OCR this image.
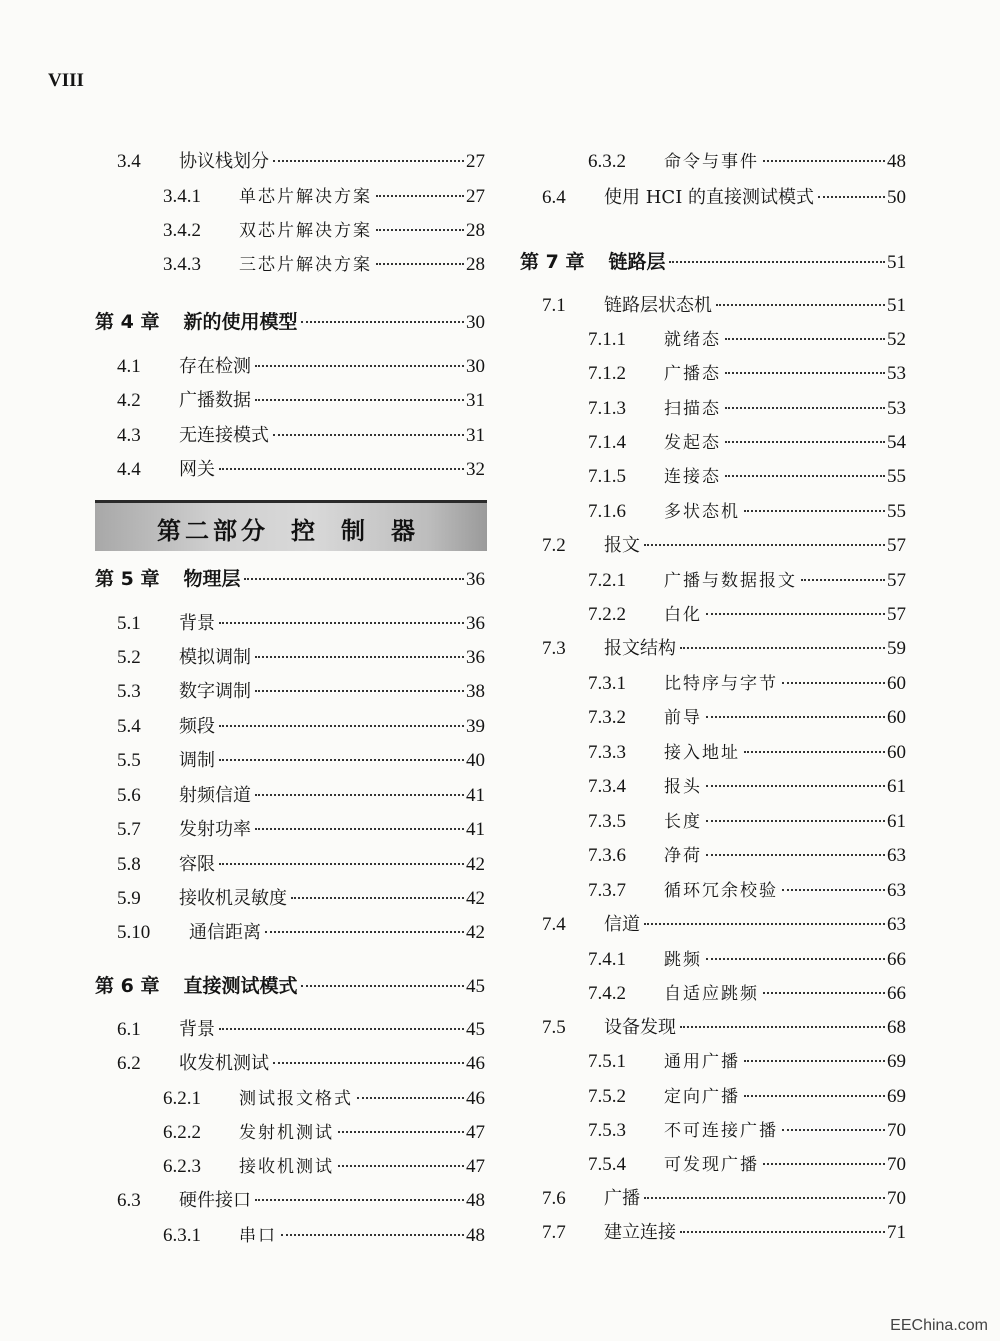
VIII
3.4	协议栈划分	27
3.4.1	单芯片解决方案	27
3.4.2	双芯片解决方案	28
3.4.3	三芯片解决方案	28
第 4 章	新的使用模型	30
4.1	存在检测	30
4.2	广播数据	31
4.3	无连接模式	31
4.4	网关	32
第 5 章	物理层	36
5.1	背景	36
5.2	模拟调制	36
5.3	数字调制	38
5.4	频段	39
5.5	调制	40
5.6	射频信道	41
5.7	发射功率	41
5.8	容限	42
5.9	接收机灵敏度	42
5.10	通信距离	42
第 6 章	直接测试模式	45
6.1	背景	45
6.2	收发机测试	46
6.2.1	测试报文格式	46
6.2.2	发射机测试	47
6.2.3	接收机测试	47
6.3	硬件接口	48
6.3.1	串口	48
6.3.2	命令与事件	48
6.4	使用 HCI 的直接测试模式	50
第 7 章	链路层	51
7.1	链路层状态机	51
7.1.1	就绪态	52
7.1.2	广播态	53
7.1.3	扫描态	53
7.1.4	发起态	54
7.1.5	连接态	55
7.1.6	多状态机	55
7.2	报文	57
7.2.1	广播与数据报文	57
7.2.2	白化	57
7.3	报文结构	59
7.3.1	比特序与字节	60
7.3.2	前导	60
7.3.3	接入地址	60
7.3.4	报头	61
7.3.5	长度	61
7.3.6	净荷	63
7.3.7	循环冗余校验	63
7.4	信道	63
7.4.1	跳频	66
7.4.2	自适应跳频	66
7.5	设备发现	68
7.5.1	通用广播	69
7.5.2	定向广播	69
7.5.3	不可连接广播	70
7.5.4	可发现广播	70
7.6	广播	70
7.7	建立连接	71
第二部分 控 制 器
EEChina.com
